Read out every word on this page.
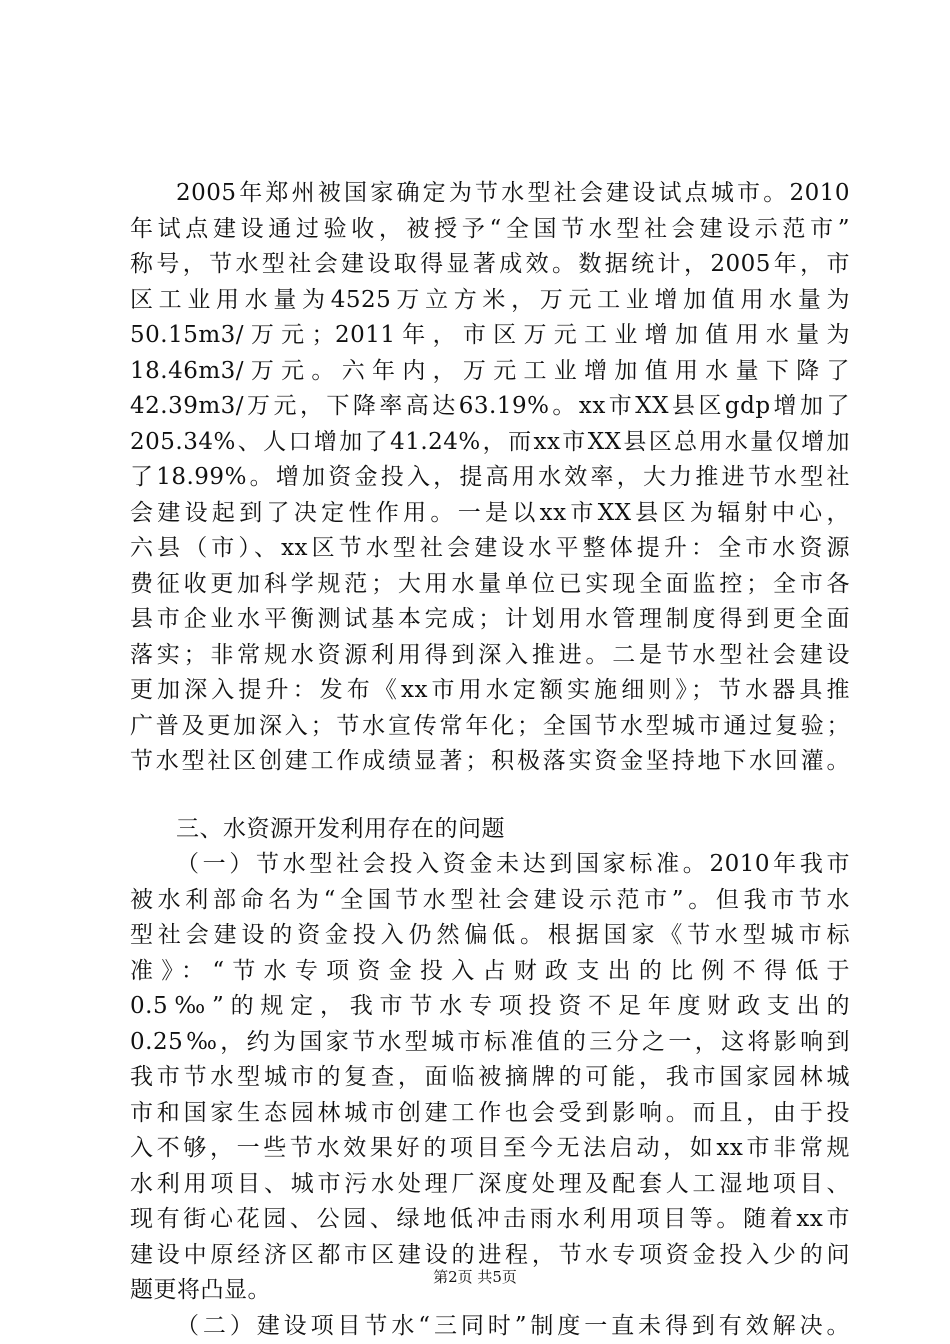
2005年郑州被国家确定为节水型社会建设试点城市。2010
年试点建设通过验收，被授予“全国节水型社会建设示范市”
称号，节水型社会建设取得显著成效。数据统计，2005年，市
区工业用水量为4525万立方米，万元工业增加值用水量为
50.15m3/万元；2011年，市区万元工业增加值用水量为
18.46m3/万元。六年内，万元工业增加值用水量下降了
42.39m3/万元，下降率高达63.19%。xx市XX县区gdp增加了
205.34%、人口增加了41.24%，而xx市XX县区总用水量仅增加
了18.99%。增加资金投入，提高用水效率，大力推进节水型社
会建设起到了决定性作用。一是以xx市XX县区为辐射中心，
六县（市）、xx区节水型社会建设水平整体提升：全市水资源
费征收更加科学规范；大用水量单位已实现全面监控；全市各
县市企业水平衡测试基本完成；计划用水管理制度得到更全面
落实；非常规水资源利用得到深入推进。二是节水型社会建设
更加深入提升：发布《xx市用水定额实施细则》；节水器具推
广普及更加深入；节水宣传常年化；全国节水型城市通过复验；
节水型社区创建工作成绩显著；积极落实资金坚持地下水回灌。
三、水资源开发利用存在的问题
（一）节水型社会投入资金未达到国家标准。2010年我市
被水利部命名为“全国节水型社会建设示范市”。但我市节水
型社会建设的资金投入仍然偏低。根据国家《节水型城市标
准》：“节水专项资金投入占财政支出的比例不得低于
0.5‰”的规定，我市节水专项投资不足年度财政支出的
0.25‰，约为国家节水型城市标准值的三分之一，这将影响到
我市节水型城市的复查，面临被摘牌的可能，我市国家园林城
市和国家生态园林城市创建工作也会受到影响。而且，由于投
入不够，一些节水效果好的项目至今无法启动，如xx市非常规
水利用项目、城市污水处理厂深度处理及配套人工湿地项目、
现有街心花园、公园、绿地低冲击雨水利用项目等。随着xx市
建设中原经济区都市区建设的进程，节水专项资金投入少的问
题更将凸显。
（二）建设项目节水“三同时”制度一直未得到有效解决。
第2页 共5页
